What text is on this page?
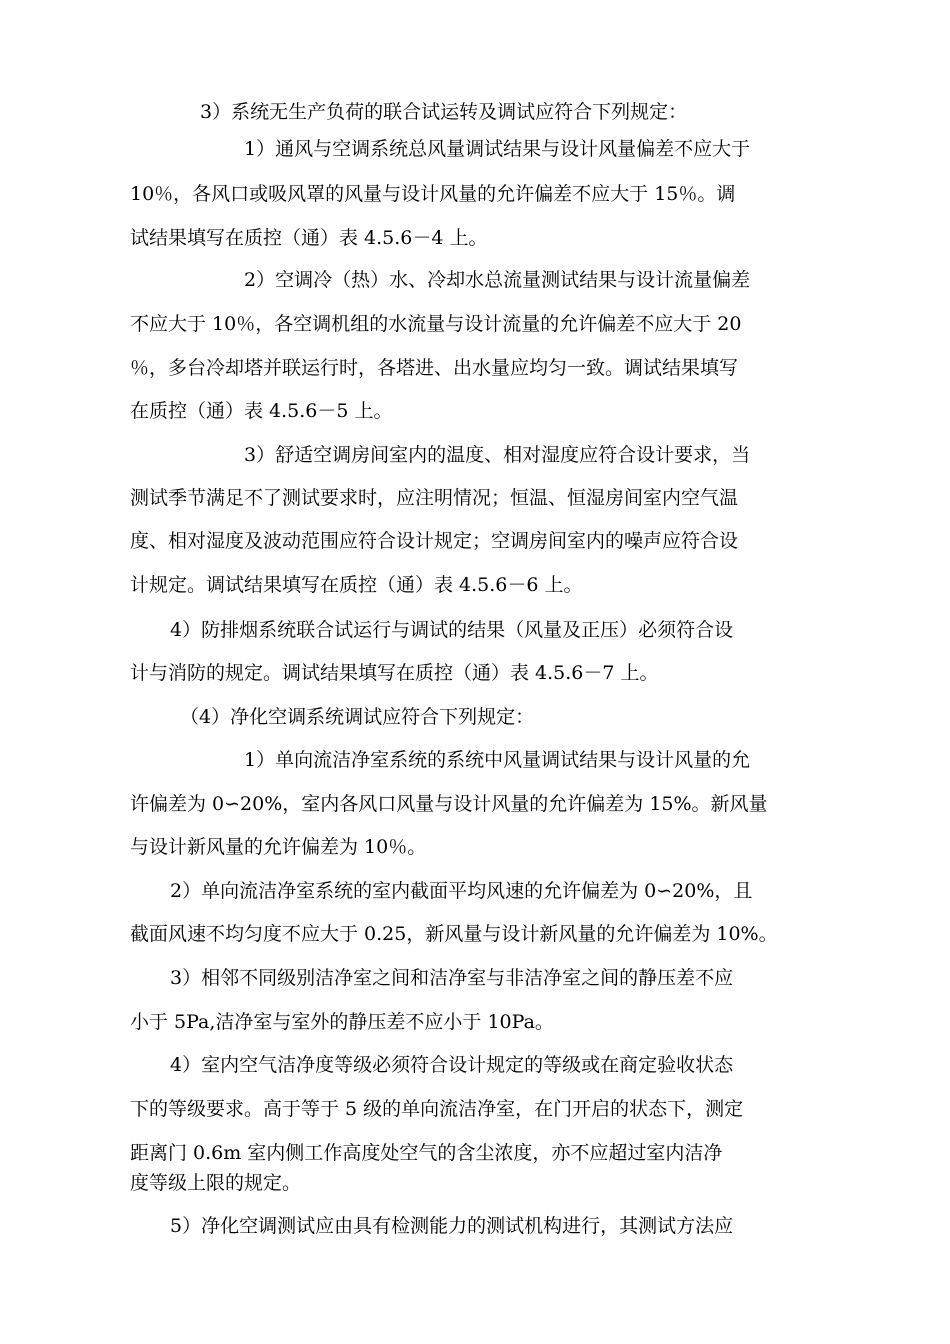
3）系统无生产负荷的联合试运转及调试应符合下列规定：
1）通风与空调系统总风量调试结果与设计风量偏差不应大于
10％，各风口或吸风罩的风量与设计风量的允许偏差不应大于 15％。调
试结果填写在质控（通）表 4.5.6－4 上。
2）空调冷（热）水、冷却水总流量测试结果与设计流量偏差
不应大于 10％，各空调机组的水流量与设计流量的允许偏差不应大于 20
％，多台冷却塔并联运行时，各塔进、出水量应均匀一致。调试结果填写
在质控（通）表 4.5.6－5 上。
3）舒适空调房间室内的温度、相对湿度应符合设计要求，当
测试季节满足不了测试要求时，应注明情况；恒温、恒湿房间室内空气温
度、相对湿度及波动范围应符合设计规定；空调房间室内的噪声应符合设
计规定。调试结果填写在质控（通）表 4.5.6－6 上。
4）防排烟系统联合试运行与调试的结果（风量及正压）必须符合设
计与消防的规定。调试结果填写在质控（通）表 4.5.6－7 上。
（4）净化空调系统调试应符合下列规定：
1）单向流洁净室系统的系统中风量调试结果与设计风量的允
许偏差为 0∽20%，室内各风口风量与设计风量的允许偏差为 15%。新风量
与设计新风量的允许偏差为 10％。
2）单向流洁净室系统的室内截面平均风速的允许偏差为 0∽20%，且
截面风速不均匀度不应大于 0.25，新风量与设计新风量的允许偏差为 10%。
3）相邻不同级别洁净室之间和洁净室与非洁净室之间的静压差不应
小于 5Pa,洁净室与室外的静压差不应小于 10Pa。
4）室内空气洁净度等级必须符合设计规定的等级或在商定验收状态
下的等级要求。高于等于 5 级的单向流洁净室，在门开启的状态下，测定
距离门 0.6m 室内侧工作高度处空气的含尘浓度，亦不应超过室内洁净
度等级上限的规定。
5）净化空调测试应由具有检测能力的测试机构进行，其测试方法应
